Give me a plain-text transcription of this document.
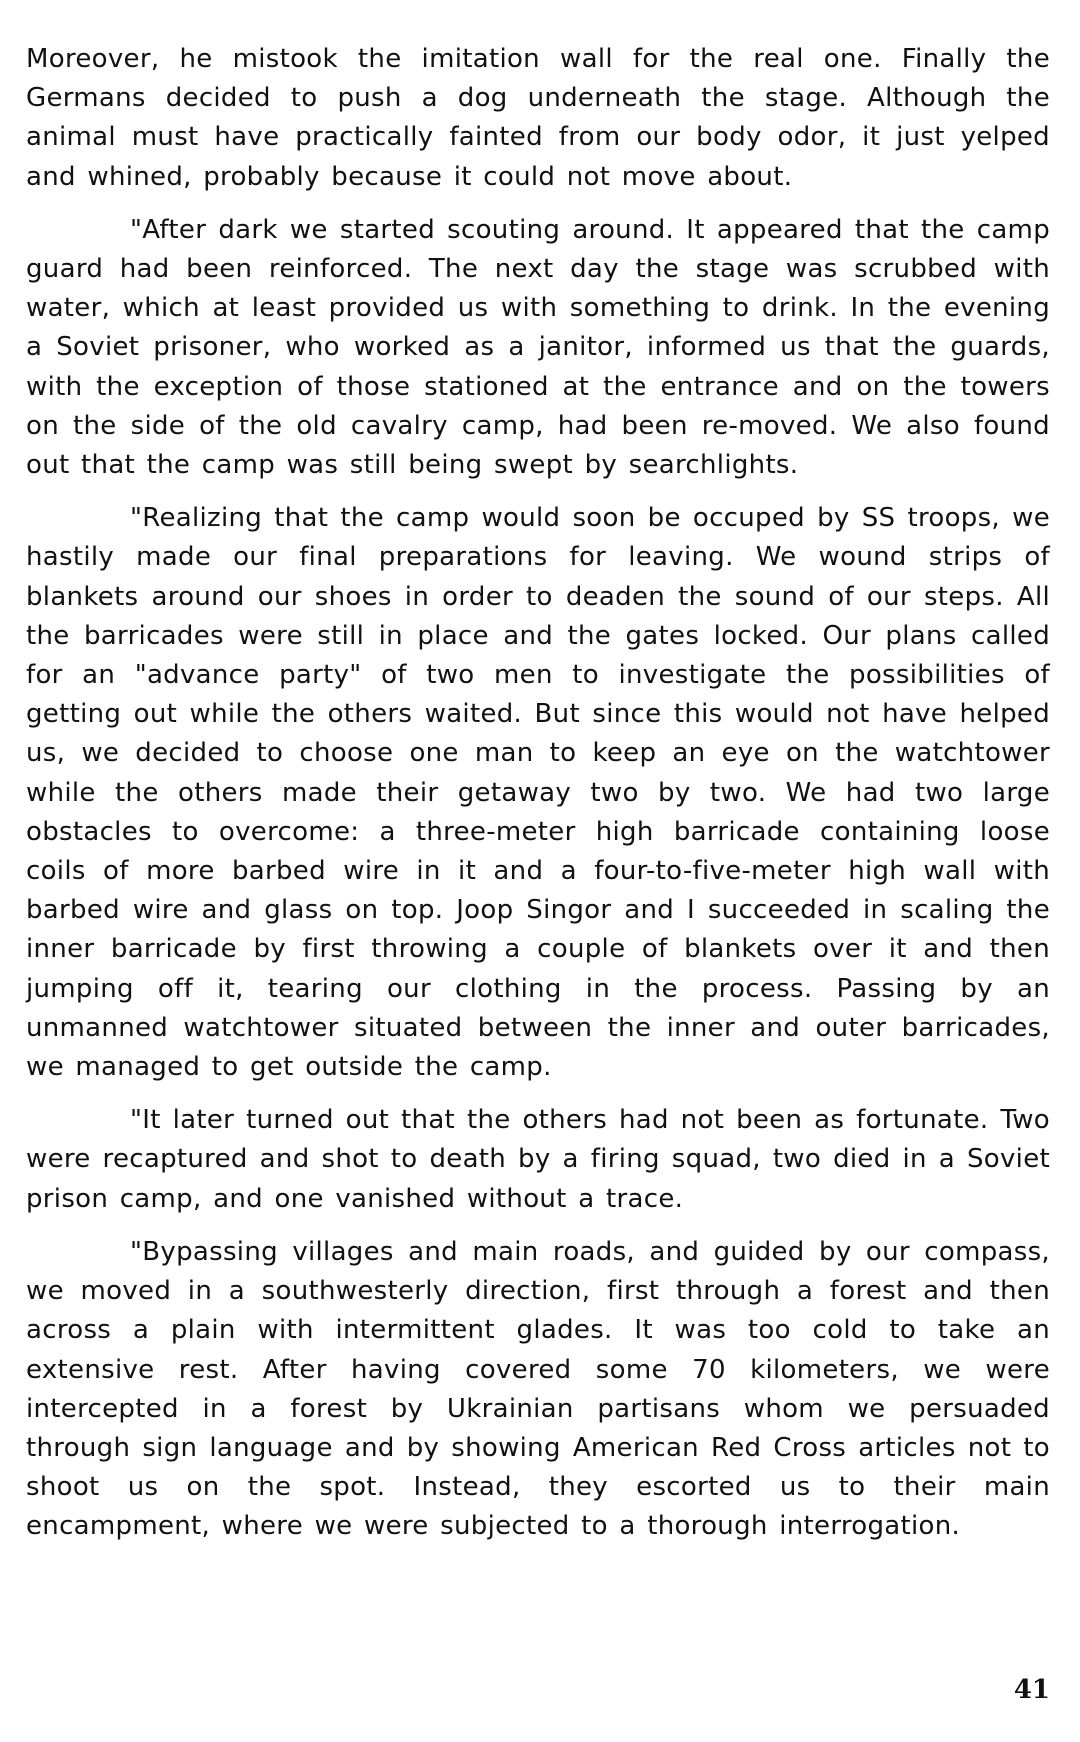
Moreover, he mistook the imitation wall for the real one. Finally the Germans decided to push a dog underneath the stage. Although the animal must have practically fainted from our body odor, it just yelped and whined, probably because it could not move about.

"After dark we started scouting around. It appeared that the camp guard had been reinforced. The next day the stage was scrubbed with water, which at least provided us with something to drink. In the evening a Soviet prisoner, who worked as a janitor, informed us that the guards, with the exception of those stationed at the entrance and on the towers on the side of the old cavalry camp, had been re-moved. We also found out that the camp was still being swept by searchlights.

"Realizing that the camp would soon be occuped by SS troops, we hastily made our final preparations for leaving. We wound strips of blankets around our shoes in order to deaden the sound of our steps. All the barricades were still in place and the gates locked. Our plans called for an "advance party" of two men to investigate the possibilities of getting out while the others waited. But since this would not have helped us, we decided to choose one man to keep an eye on the watchtower while the others made their getaway two by two. We had two large obstacles to overcome: a three-meter high barricade containing loose coils of more barbed wire in it and a four-to-five-meter high wall with barbed wire and glass on top. Joop Singor and I succeeded in scaling the inner barricade by first throwing a couple of blankets over it and then jumping off it, tearing our clothing in the process. Passing by an unmanned watchtower situated between the inner and outer barricades, we managed to get outside the camp.

"It later turned out that the others had not been as fortunate. Two were recaptured and shot to death by a firing squad, two died in a Soviet prison camp, and one vanished without a trace.

"Bypassing villages and main roads, and guided by our compass, we moved in a southwesterly direction, first through a forest and then across a plain with intermittent glades. It was too cold to take an extensive rest. After having covered some 70 kilometers, we were intercepted in a forest by Ukrainian partisans whom we persuaded through sign language and by showing American Red Cross articles not to shoot us on the spot. Instead, they escorted us to their main encampment, where we were subjected to a thorough interrogation.

41
